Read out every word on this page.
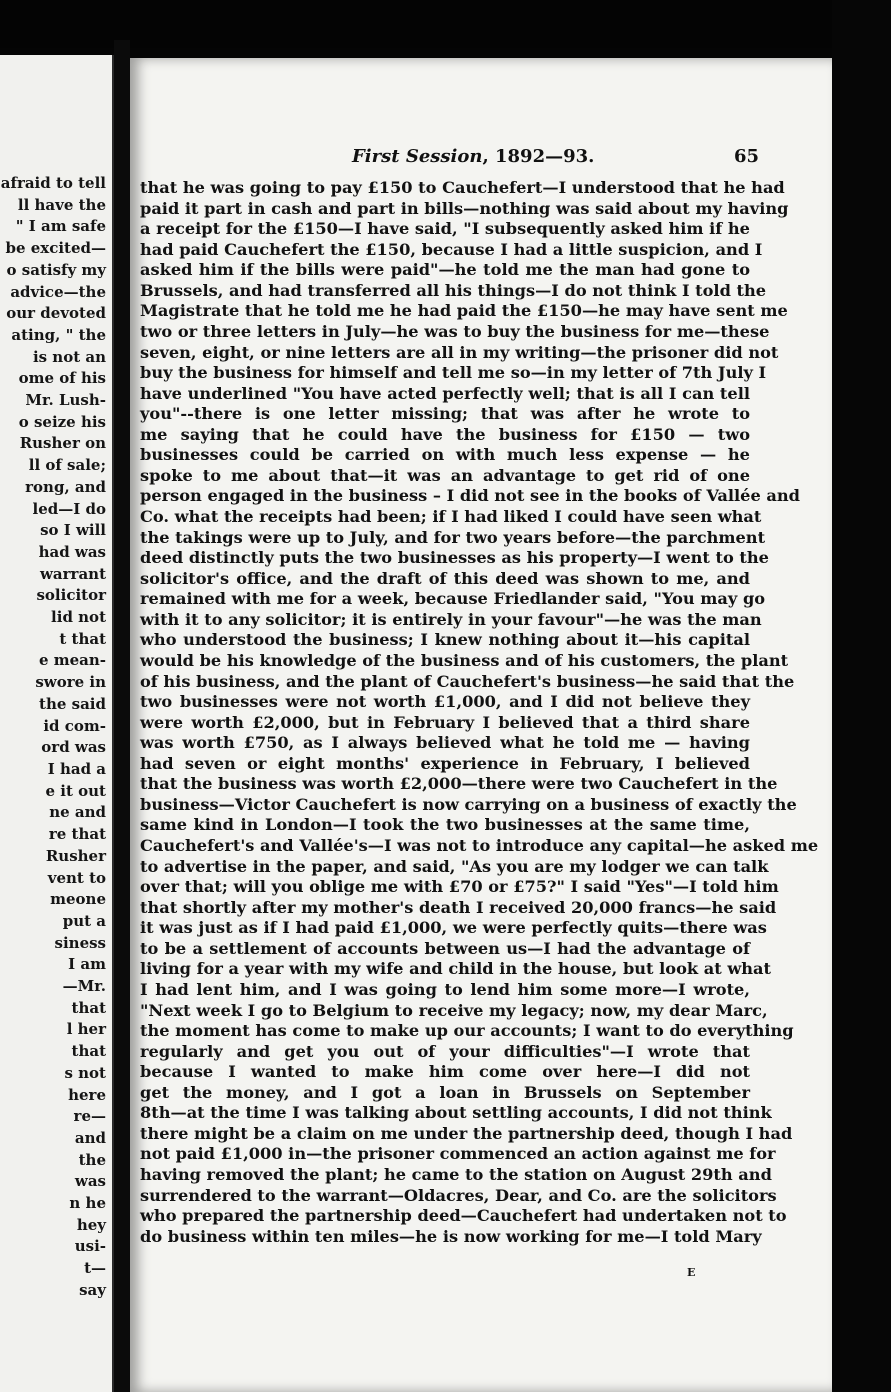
afraid to tell
ll have the
" I am safe
be excited—
o satisfy my
advice—the
our devoted
ating, " the
is not an
ome of his
Mr. Lush-
o seize his
Rusher on
ll of sale;
rong, and
led—I do
so I will
had was
warrant
solicitor
lid not
t that
e mean-
swore in
the said
id com-
ord was
I had a
e it out
ne and
re that
Rusher
vent to
meone
put a
siness
I am
—Mr.
that
l her
that
s not
here
re—
and
the
was
n he
hey
usi-
t—
say
First Session, 1892—93.	65
that he was going to pay £150 to Cauchefert—I understood that he had
paid it part in cash and part in bills—nothing was said about my having
a receipt for the £150—I have said, "I subsequently asked him if he
had paid Cauchefert the £150, because I had a little suspicion, and I
asked him if the bills were paid"—he told me the man had gone to
Brussels, and had transferred all his things—I do not think I told the
Magistrate that he told me he had paid the £150—he may have sent me
two or three letters in July—he was to buy the business for me—these
seven, eight, or nine letters are all in my writing—the prisoner did not
buy the business for himself and tell me so—in my letter of 7th July I
have underlined "You have acted perfectly well; that is all I can tell
you"--there is one letter missing; that was after he wrote to
me saying that he could have the business for £150 — two
businesses could be carried on with much less expense — he
spoke to me about that—it was an advantage to get rid of one
person engaged in the business – I did not see in the books of Vallée and
Co. what the receipts had been; if I had liked I could have seen what
the takings were up to July, and for two years before—the parchment
deed distinctly puts the two businesses as his property—I went to the
solicitor's office, and the draft of this deed was shown to me, and
remained with me for a week, because Friedlander said, "You may go
with it to any solicitor; it is entirely in your favour"—he was the man
who understood the business; I knew nothing about it—his capital
would be his knowledge of the business and of his customers, the plant
of his business, and the plant of Cauchefert's business—he said that the
two businesses were not worth £1,000, and I did not believe they
were worth £2,000, but in February I believed that a third share
was worth £750, as I always believed what he told me — having
had seven or eight months' experience in February, I believed
that the business was worth £2,000—there were two Cauchefert in the
business—Victor Cauchefert is now carrying on a business of exactly the
same kind in London—I took the two businesses at the same time,
Cauchefert's and Vallée's—I was not to introduce any capital—he asked me
to advertise in the paper, and said, "As you are my lodger we can talk
over that; will you oblige me with £70 or £75?" I said "Yes"—I told him
that shortly after my mother's death I received 20,000 francs—he said
it was just as if I had paid £1,000, we were perfectly quits—there was
to be a settlement of accounts between us—I had the advantage of
living for a year with my wife and child in the house, but look at what
I had lent him, and I was going to lend him some more—I wrote,
"Next week I go to Belgium to receive my legacy; now, my dear Marc,
the moment has come to make up our accounts; I want to do everything
regularly and get you out of your difficulties"—I wrote that
because I wanted to make him come over here—I did not
get the money, and I got a loan in Brussels on September
8th—at the time I was talking about settling accounts, I did not think
there might be a claim on me under the partnership deed, though I had
not paid £1,000 in—the prisoner commenced an action against me for
having removed the plant; he came to the station on August 29th and
surrendered to the warrant—Oldacres, Dear, and Co. are the solicitors
who prepared the partnership deed—Cauchefert had undertaken not to
do business within ten miles—he is now working for me—I told Mary
E
